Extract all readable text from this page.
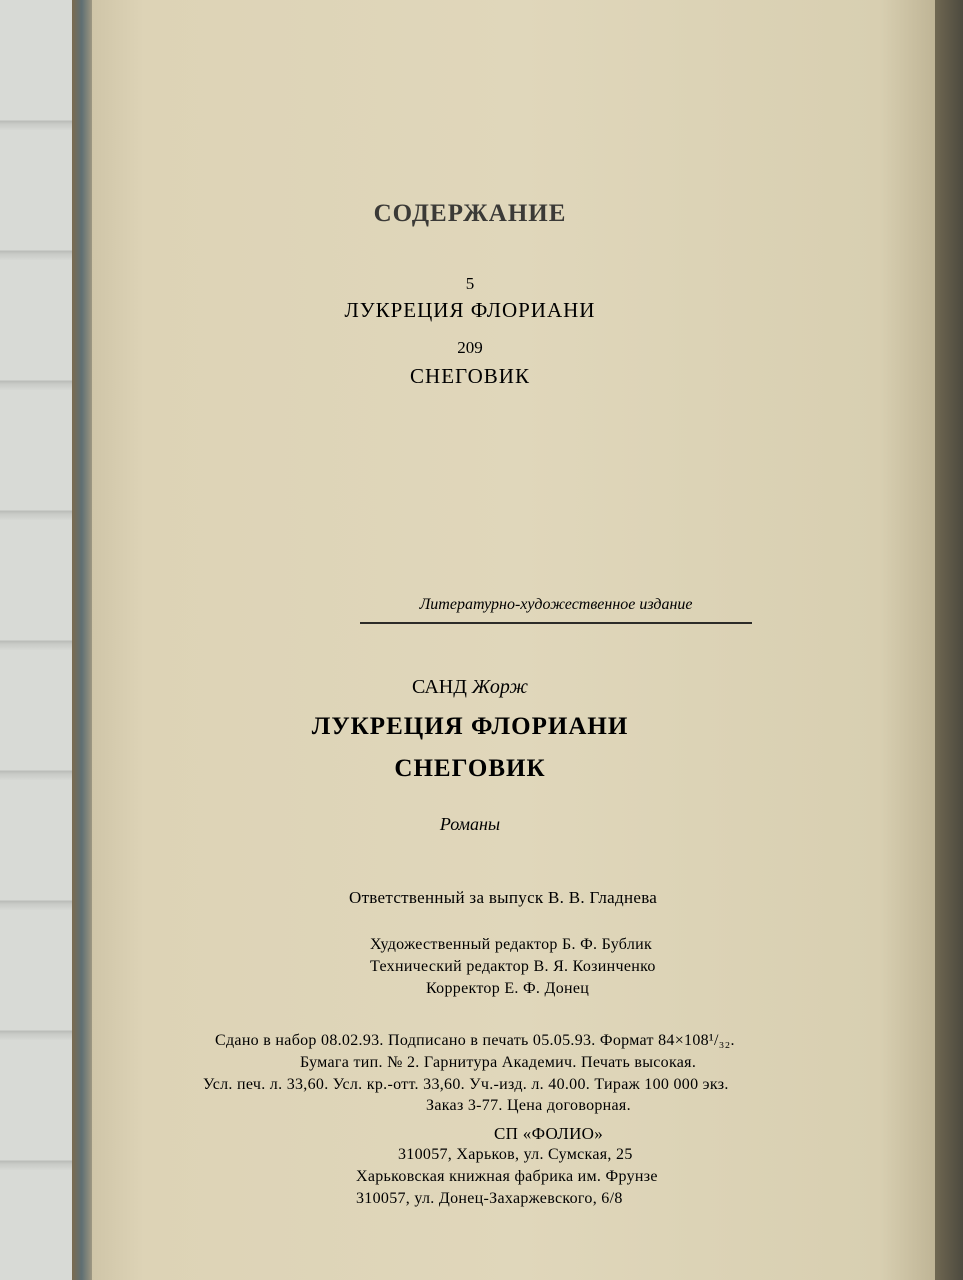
СОДЕРЖАНИЕ
5
ЛУКРЕЦИЯ ФЛОРИАНИ
209
СНЕГОВИК
Литературно-художественное издание
САНД Жорж
ЛУКРЕЦИЯ ФЛОРИАНИ
СНЕГОВИК
Романы
Ответственный за выпуск В. В. Гладнева
Художественный редактор Б. Ф. Бублик
Технический редактор В. Я. Козинченко
Корректор Е. Ф. Донец
Сдано в набор 08.02.93. Подписано в печать 05.05.93. Формат 84×108¹/₃₂.
Бумага тип. № 2. Гарнитура Академич. Печать высокая.
Усл. печ. л. 33,60. Усл. кр.-отт. 33,60. Уч.-изд. л. 40.00. Тираж 100 000 экз.
Заказ 3-77. Цена договорная.
СП «ФОЛИО»
310057, Харьков, ул. Сумская, 25
Харьковская книжная фабрика им. Фрунзе
310057, ул. Донец-Захаржевского, 6/8
